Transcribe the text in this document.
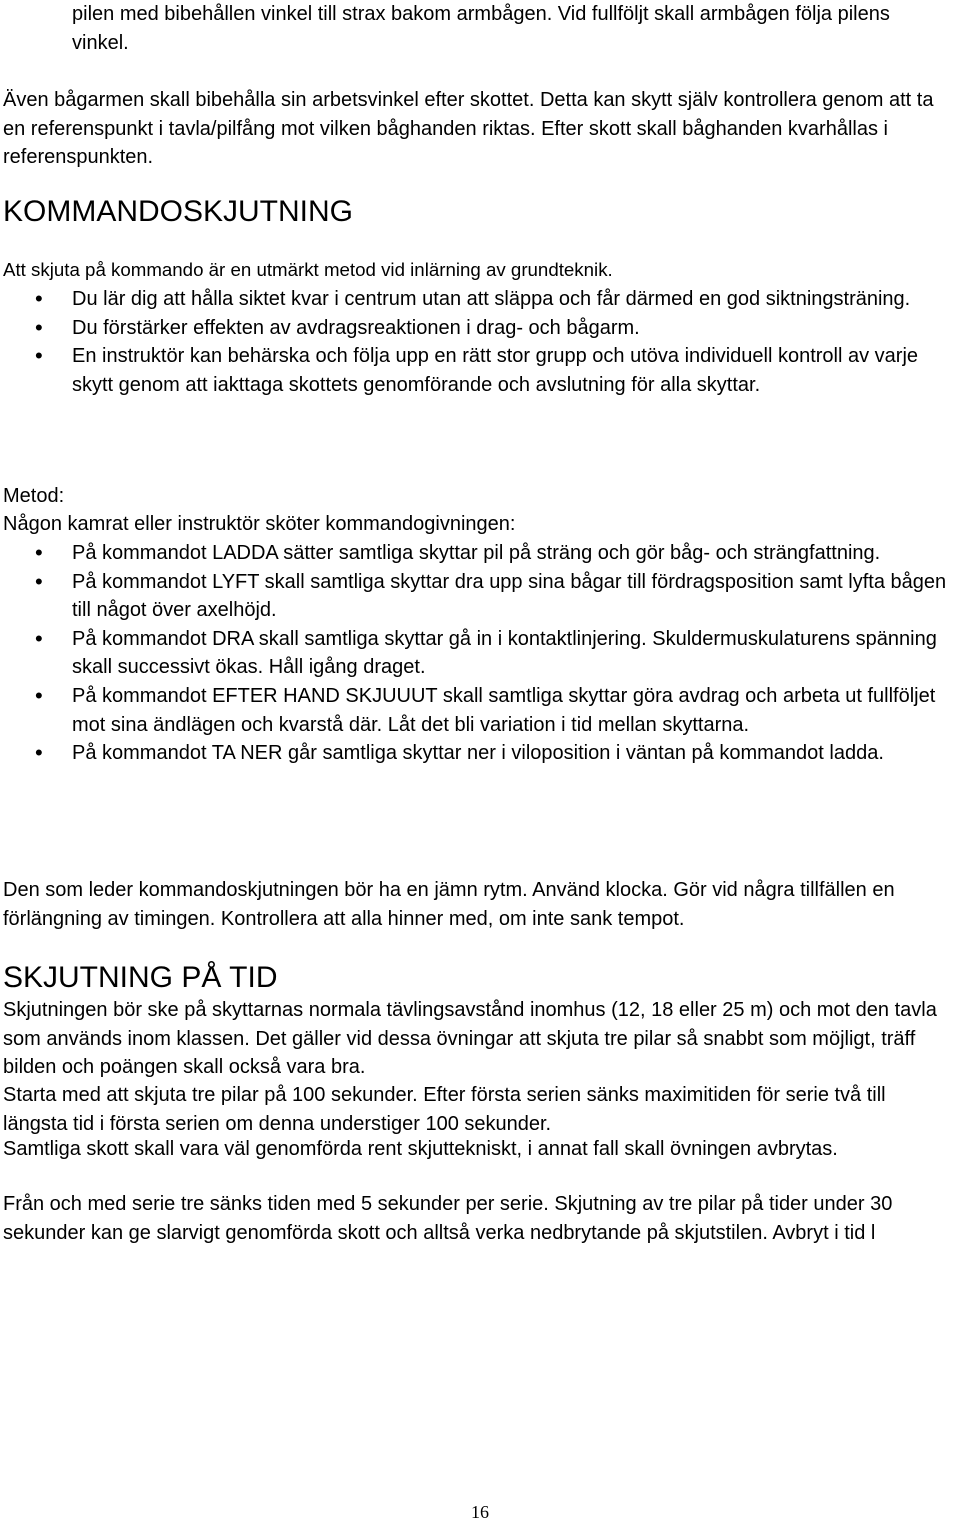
pilen med bibehållen vinkel till strax bakom armbågen. Vid fullföljt skall armbågen följa pilens vinkel.

Även bågarmen skall bibehålla sin arbetsvinkel efter skottet. Detta kan skytt själv kontrollera genom att ta en referenspunkt i tavla/pilfång mot vilken båghanden riktas. Efter skott skall båghanden kvarhållas i referenspunkten.

KOMMANDOSKJUTNING

Att skjuta på kommando är en utmärkt metod vid inlärning av grundteknik.

• Du lär dig att hålla siktet kvar i centrum utan att släppa och får därmed en god siktningsträning.
• Du förstärker effekten av avdragsreaktionen i drag- och bågarm.
• En instruktör kan behärska och följa upp en rätt stor grupp och utöva individuell kontroll av varje skytt genom att iakttaga skottets genomförande och avslutning för alla skyttar.

Metod:

Någon kamrat eller instruktör sköter kommandogivningen:

• På kommandot LADDA sätter samtliga skyttar pil på sträng och gör båg- och strängfattning.
• På kommandot LYFT skall samtliga skyttar dra upp sina bågar till fördragsposition samt lyfta bågen till något över axelhöjd.
• På kommandot DRA skall samtliga skyttar gå in i kontaktlinjering. Skuldermuskulaturens spänning skall successivt ökas. Håll igång draget.
• På kommandot EFTER HAND SKJUUUT skall samtliga skyttar göra avdrag och arbeta ut fullföljet mot sina ändlägen och kvarstå där. Låt det bli variation i tid mellan skyttarna.
• På kommandot TA NER går samtliga skyttar ner i viloposition i väntan på kommandot ladda.

Den som leder kommandoskjutningen bör ha en jämn rytm. Använd klocka. Gör vid några tillfällen en förlängning av timingen. Kontrollera att alla hinner med, om inte sank tempot.

SKJUTNING PÅ TID

Skjutningen bör ske på skyttarnas normala tävlingsavstånd inomhus (12, 18 eller 25 m) och mot den tavla som används inom klassen. Det gäller vid dessa övningar att skjuta tre pilar så snabbt som möjligt, träff bilden och poängen skall också vara bra.

Starta med att skjuta tre pilar på 100 sekunder. Efter första serien sänks maximitiden för serie två till längsta tid i första serien om denna understiger 100 sekunder.

Samtliga skott skall vara väl genomförda rent skjuttekniskt, i annat fall skall övningen avbrytas.

Från och med serie tre sänks tiden med 5 sekunder per serie. Skjutning av tre pilar på tider under 30 sekunder kan ge slarvigt genomförda skott och alltså verka nedbrytande på skjutstilen. Avbryt i tid l

16
